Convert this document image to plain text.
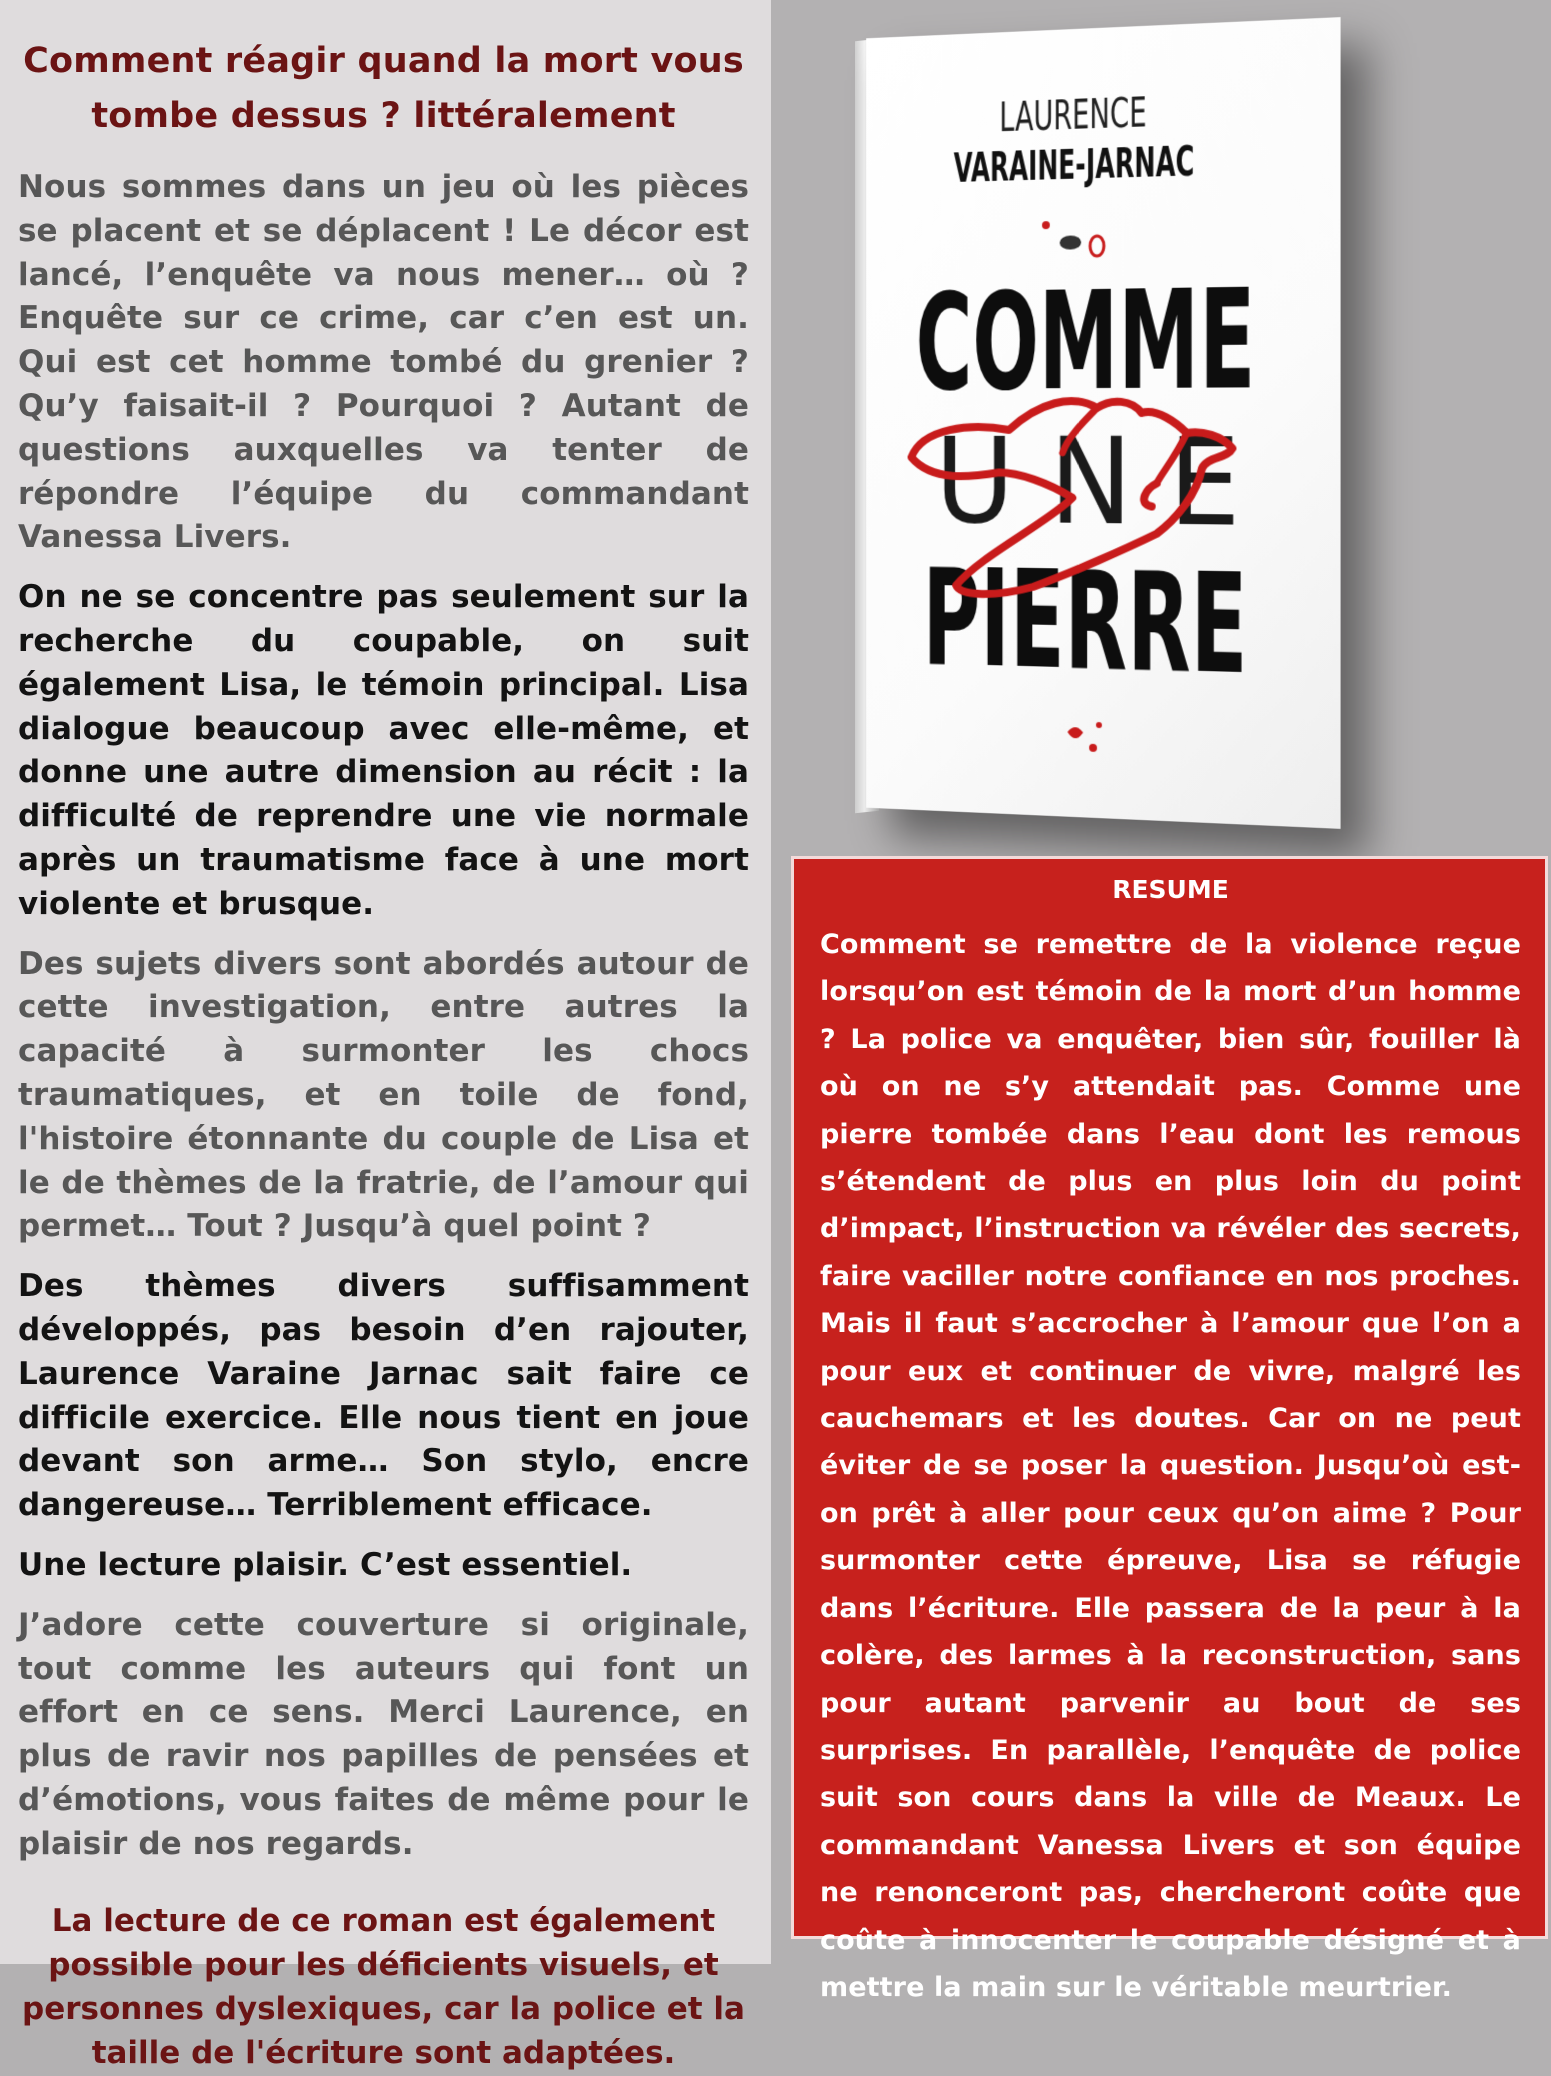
Comment réagir quand la mort vous tombe dessus ? littéralement

Nous sommes dans un jeu où les pièces se placent et se déplacent ! Le décor est lancé, l’enquête va nous mener… où ? Enquête sur ce crime, car c’en est un. Qui est cet homme tombé du grenier ? Qu’y faisait-il ? Pourquoi ? Autant de questions auxquelles va tenter de répondre l’équipe du commandant Vanessa Livers.

On ne se concentre pas seulement sur la recherche du coupable, on suit également Lisa, le témoin principal. Lisa dialogue beaucoup avec elle-même, et donne une autre dimension au récit : la difficulté de reprendre une vie normale après un traumatisme face à une mort violente et brusque.

Des sujets divers sont abordés autour de cette investigation, entre autres la capacité à surmonter les chocs traumatiques, et en toile de fond, l'histoire étonnante du couple de Lisa et le de thèmes de la fratrie, de l’amour qui permet… Tout ? Jusqu’à quel point ?

Des thèmes divers suffisamment développés, pas besoin d’en rajouter, Laurence Varaine Jarnac sait faire ce difficile exercice. Elle nous tient en joue devant son arme… Son stylo, encre dangereuse… Terriblement efficace.

Une lecture plaisir. C’est essentiel.

J’adore cette couverture si originale, tout comme les auteurs qui font un effort en ce sens. Merci Laurence, en plus de ravir nos papilles de pensées et d’émotions, vous faites de même pour le plaisir de nos regards.

La lecture de ce roman est également possible pour les déficients visuels, et personnes dyslexiques, car la police et la taille de l'écriture sont adaptées.

LAURENCE
VARAINE-JARNAC
COMME
U N E
PIERRE
RESUME

Comment se remettre de la violence reçue lorsqu’on est témoin de la mort d’un homme ? La police va enquêter, bien sûr, fouiller là où on ne s’y attendait pas. Comme une pierre tombée dans l’eau dont les remous s’étendent de plus en plus loin du point d’impact, l’instruction va révéler des secrets, faire vaciller notre confiance en nos proches. Mais il faut s’accrocher à l’amour que l’on a pour eux et continuer de vivre, malgré les cauchemars et les doutes. Car on ne peut éviter de se poser la question. Jusqu’où est-on prêt à aller pour ceux qu’on aime ? Pour surmonter cette épreuve, Lisa se réfugie dans l’écriture. Elle passera de la peur à la colère, des larmes à la reconstruction, sans pour autant parvenir au bout de ses surprises. En parallèle, l’enquête de police suit son cours dans la ville de Meaux. Le commandant Vanessa Livers et son équipe ne renonceront pas, chercheront coûte que coûte à innocenter le coupable désigné et à mettre la main sur le véritable meurtrier.
